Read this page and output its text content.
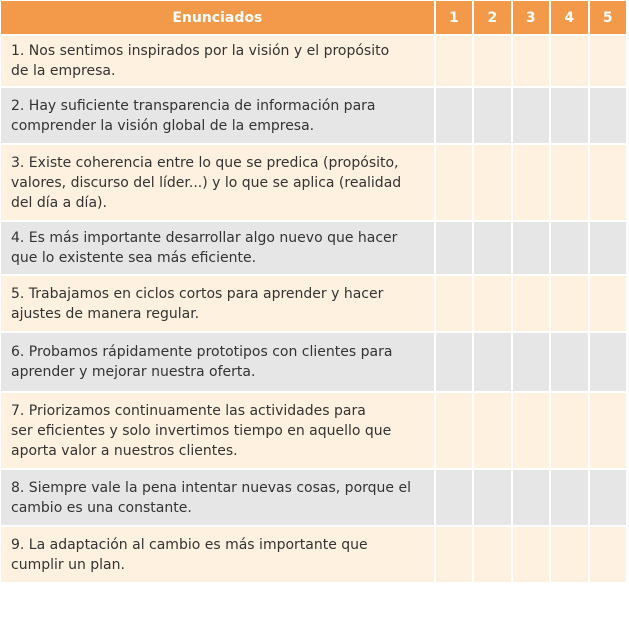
Enunciados	1	2	3	4	5
1. Nos sentimos inspirados por la visión y el propósito
de la empresa.					
2. Hay suficiente transparencia de información para
comprender la visión global de la empresa.					
3. Existe coherencia entre lo que se predica (propósito,
valores, discurso del líder...) y lo que se aplica (realidad
del día a día).					
4. Es más importante desarrollar algo nuevo que hacer
que lo existente sea más eficiente.					
5. Trabajamos en ciclos cortos para aprender y hacer
ajustes de manera regular.					
6. Probamos rápidamente prototipos con clientes para
aprender y mejorar nuestra oferta.					
7. Priorizamos continuamente las actividades para
ser eficientes y solo invertimos tiempo en aquello que
aporta valor a nuestros clientes.					
8. Siempre vale la pena intentar nuevas cosas, porque el
cambio es una constante.					
9. La adaptación al cambio es más importante que
cumplir un plan.					
